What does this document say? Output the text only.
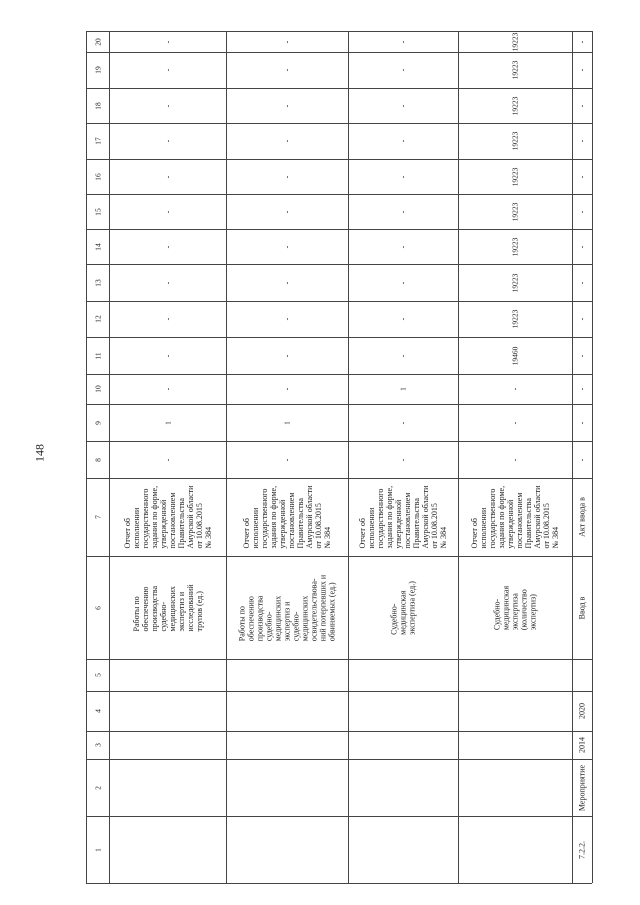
148
1
2
3
4
5
6
7
8
9
10
11
12
13
14
15
16
17
18
19
20
Работы по
обеспечению
производства
судебно-
медицинских
экспертиз и
исследований
трупов (ед.)
Отчет об
исполнении
государственного
задания по форме,
утвержденной
постановлением
Правительства
Амурской области
от 10.08.2015
№ 384
-
1
-
-
-
-
-
-
-
-
-
-
-
Работы по
обеспечению
производства
судебно-
медицинских
экспертиз и
судебно-
медицинских
освидетельствова-
ний потерпевших и
обвиняемых (ед.)
Отчет об
исполнении
государственного
задания по форме,
утвержденной
постановлением
Правительства
Амурской области
от 10.08.2015
№ 384
-
1
-
-
-
-
-
-
-
-
-
-
-
Судебно-
медицинская
экспертиза (ед.)
Отчет об
исполнении
государственного
задания по форме,
утвержденной
постановлением
Правительства
Амурской области
от 10.08.2015
№ 384
-
-
1
-
-
-
-
-
-
-
-
-
-
Судебно-
медицинская
экспертиза
(количество
экспертиз)
Отчет об
исполнении
государственного
задания по форме,
утвержденной
постановлением
Правительства
Амурской области
от 10.08.2015
№ 384
-
-
-
19460
19223
19223
19223
19223
19223
19223
19223
19223
19223
7.2.2.
Мероприятие
2014
2020
Ввод в
Акт ввода в
-
-
-
-
-
-
-
-
-
-
-
-
-
